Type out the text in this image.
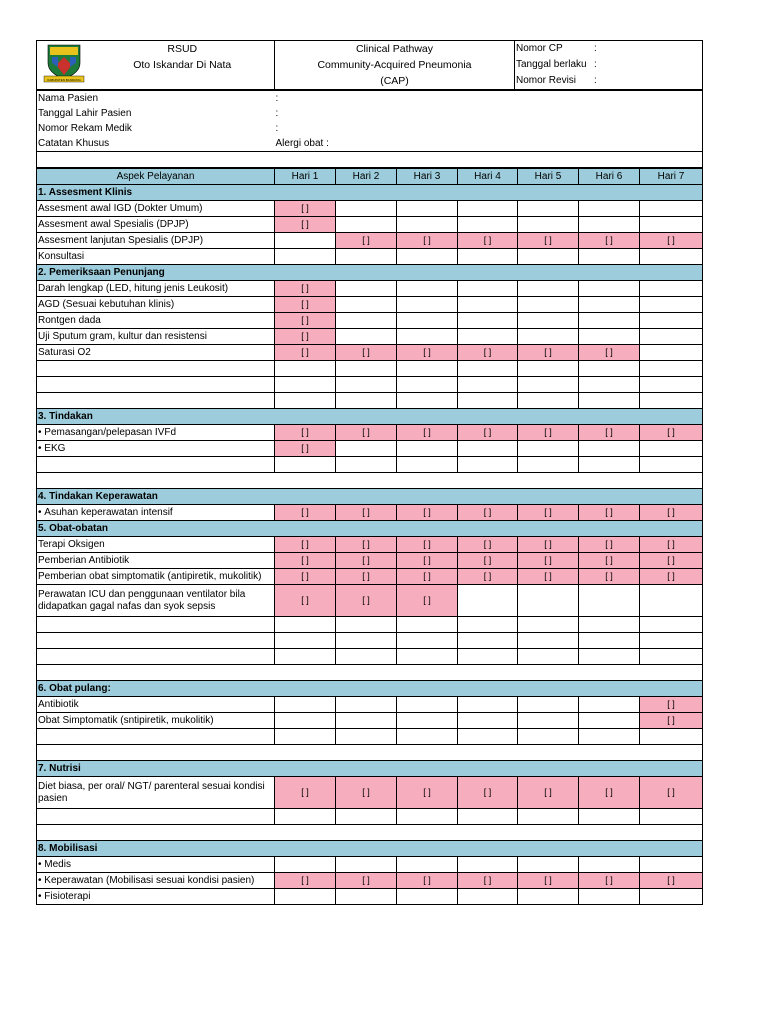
KABUPATEN BANDUNG

RSUD
Oto Iskandar Di Nata

Clinical Pathway
Community-Acquired Pneumonia
(CAP)

Nomor CP	:
Tanggal berlaku :
Nomor Revisi	:
Nama Pasien	:
Tanggal Lahir Pasien	:
Nomor Rekam Medik	:
Catatan Khusus	Alergi obat :

Aspek Pelayanan	Hari 1	Hari 2	Hari 3	Hari 4	Hari 5	Hari 6	Hari 7
1. Assesment Klinis							
Assesment awal IGD (Dokter Umum)	[ ]						
Assesment awal Spesialis (DPJP)	[ ]						
Assesment lanjutan Spesialis (DPJP)		[ ]	[ ]	[ ]	[ ]	[ ]	[ ]
Konsultasi							
2. Pemeriksaan Penunjang							
Darah lengkap (LED, hitung jenis Leukosit)	[ ]						
AGD (Sesuai kebutuhan klinis)	[ ]						
Rontgen dada	[ ]						
Uji Sputum gram, kultur dan resistensi	[ ]						
Saturasi O2	[ ]	[ ]	[ ]	[ ]	[ ]	[ ]	

3. Tindakan							
• Pemasangan/pelepasan IVFd	[ ]	[ ]	[ ]	[ ]	[ ]	[ ]	[ ]
• EKG	[ ]						

4. Tindakan Keperawatan							
• Asuhan keperawatan intensif	[ ]	[ ]	[ ]	[ ]	[ ]	[ ]	[ ]
5. Obat-obatan							
Terapi Oksigen	[ ]	[ ]	[ ]	[ ]	[ ]	[ ]	[ ]
Pemberian Antibiotik	[ ]	[ ]	[ ]	[ ]	[ ]	[ ]	[ ]
Pemberian obat simptomatik (antipiretik, mukolitik)	[ ]	[ ]	[ ]	[ ]	[ ]	[ ]	[ ]
Perawatan ICU dan penggunaan ventilator bila didapatkan gagal nafas dan syok sepsis	[ ]	[ ]	[ ]				

6. Obat pulang:							
Antibiotik							[ ]
Obat Simptomatik (sntipiretik, mukolitik)							[ ]

7. Nutrisi							
Diet biasa, per oral/ NGT/ parenteral sesuai kondisi pasien	[ ]	[ ]	[ ]	[ ]	[ ]	[ ]	[ ]

8. Mobilisasi							
• Medis							
• Keperawatan (Mobilisasi sesuai kondisi pasien)	[ ]	[ ]	[ ]	[ ]	[ ]	[ ]	[ ]
• Fisioterapi							
